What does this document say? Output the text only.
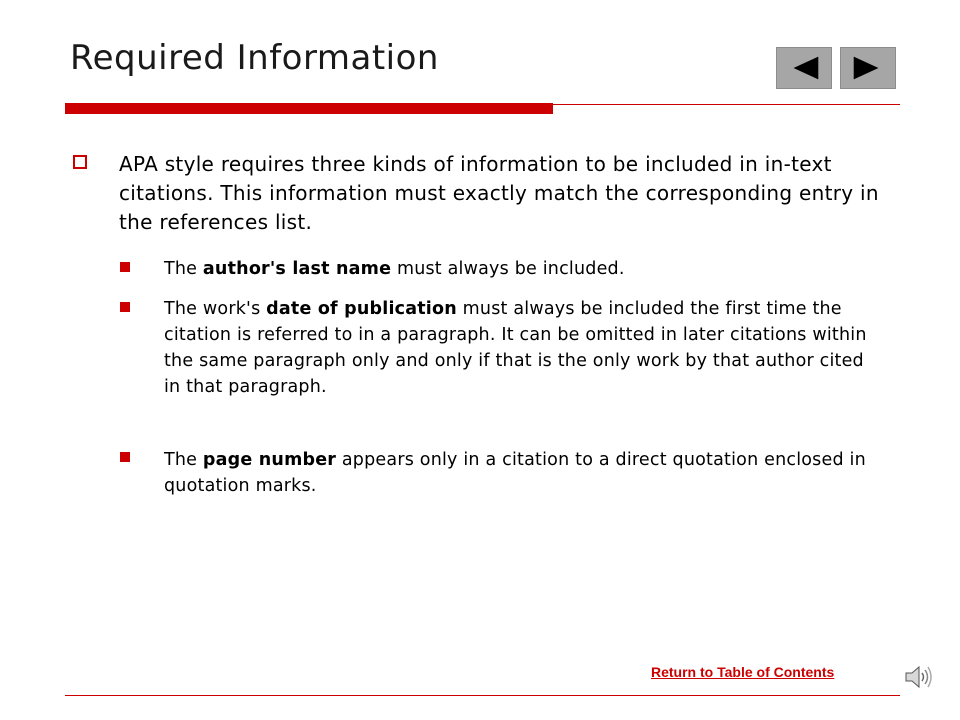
Required Information
APA style requires three kinds of information to be included in in-text citations. This information must exactly match the corresponding entry in the references list.
The author's last name must always be included.
The work's date of publication must always be included the first time the citation is referred to in a paragraph. It can be omitted in later citations within the same paragraph only and only if that is the only work by that author cited in that paragraph.
The page number appears only in a citation to a direct quotation enclosed in quotation marks.
Return to Table of Contents
